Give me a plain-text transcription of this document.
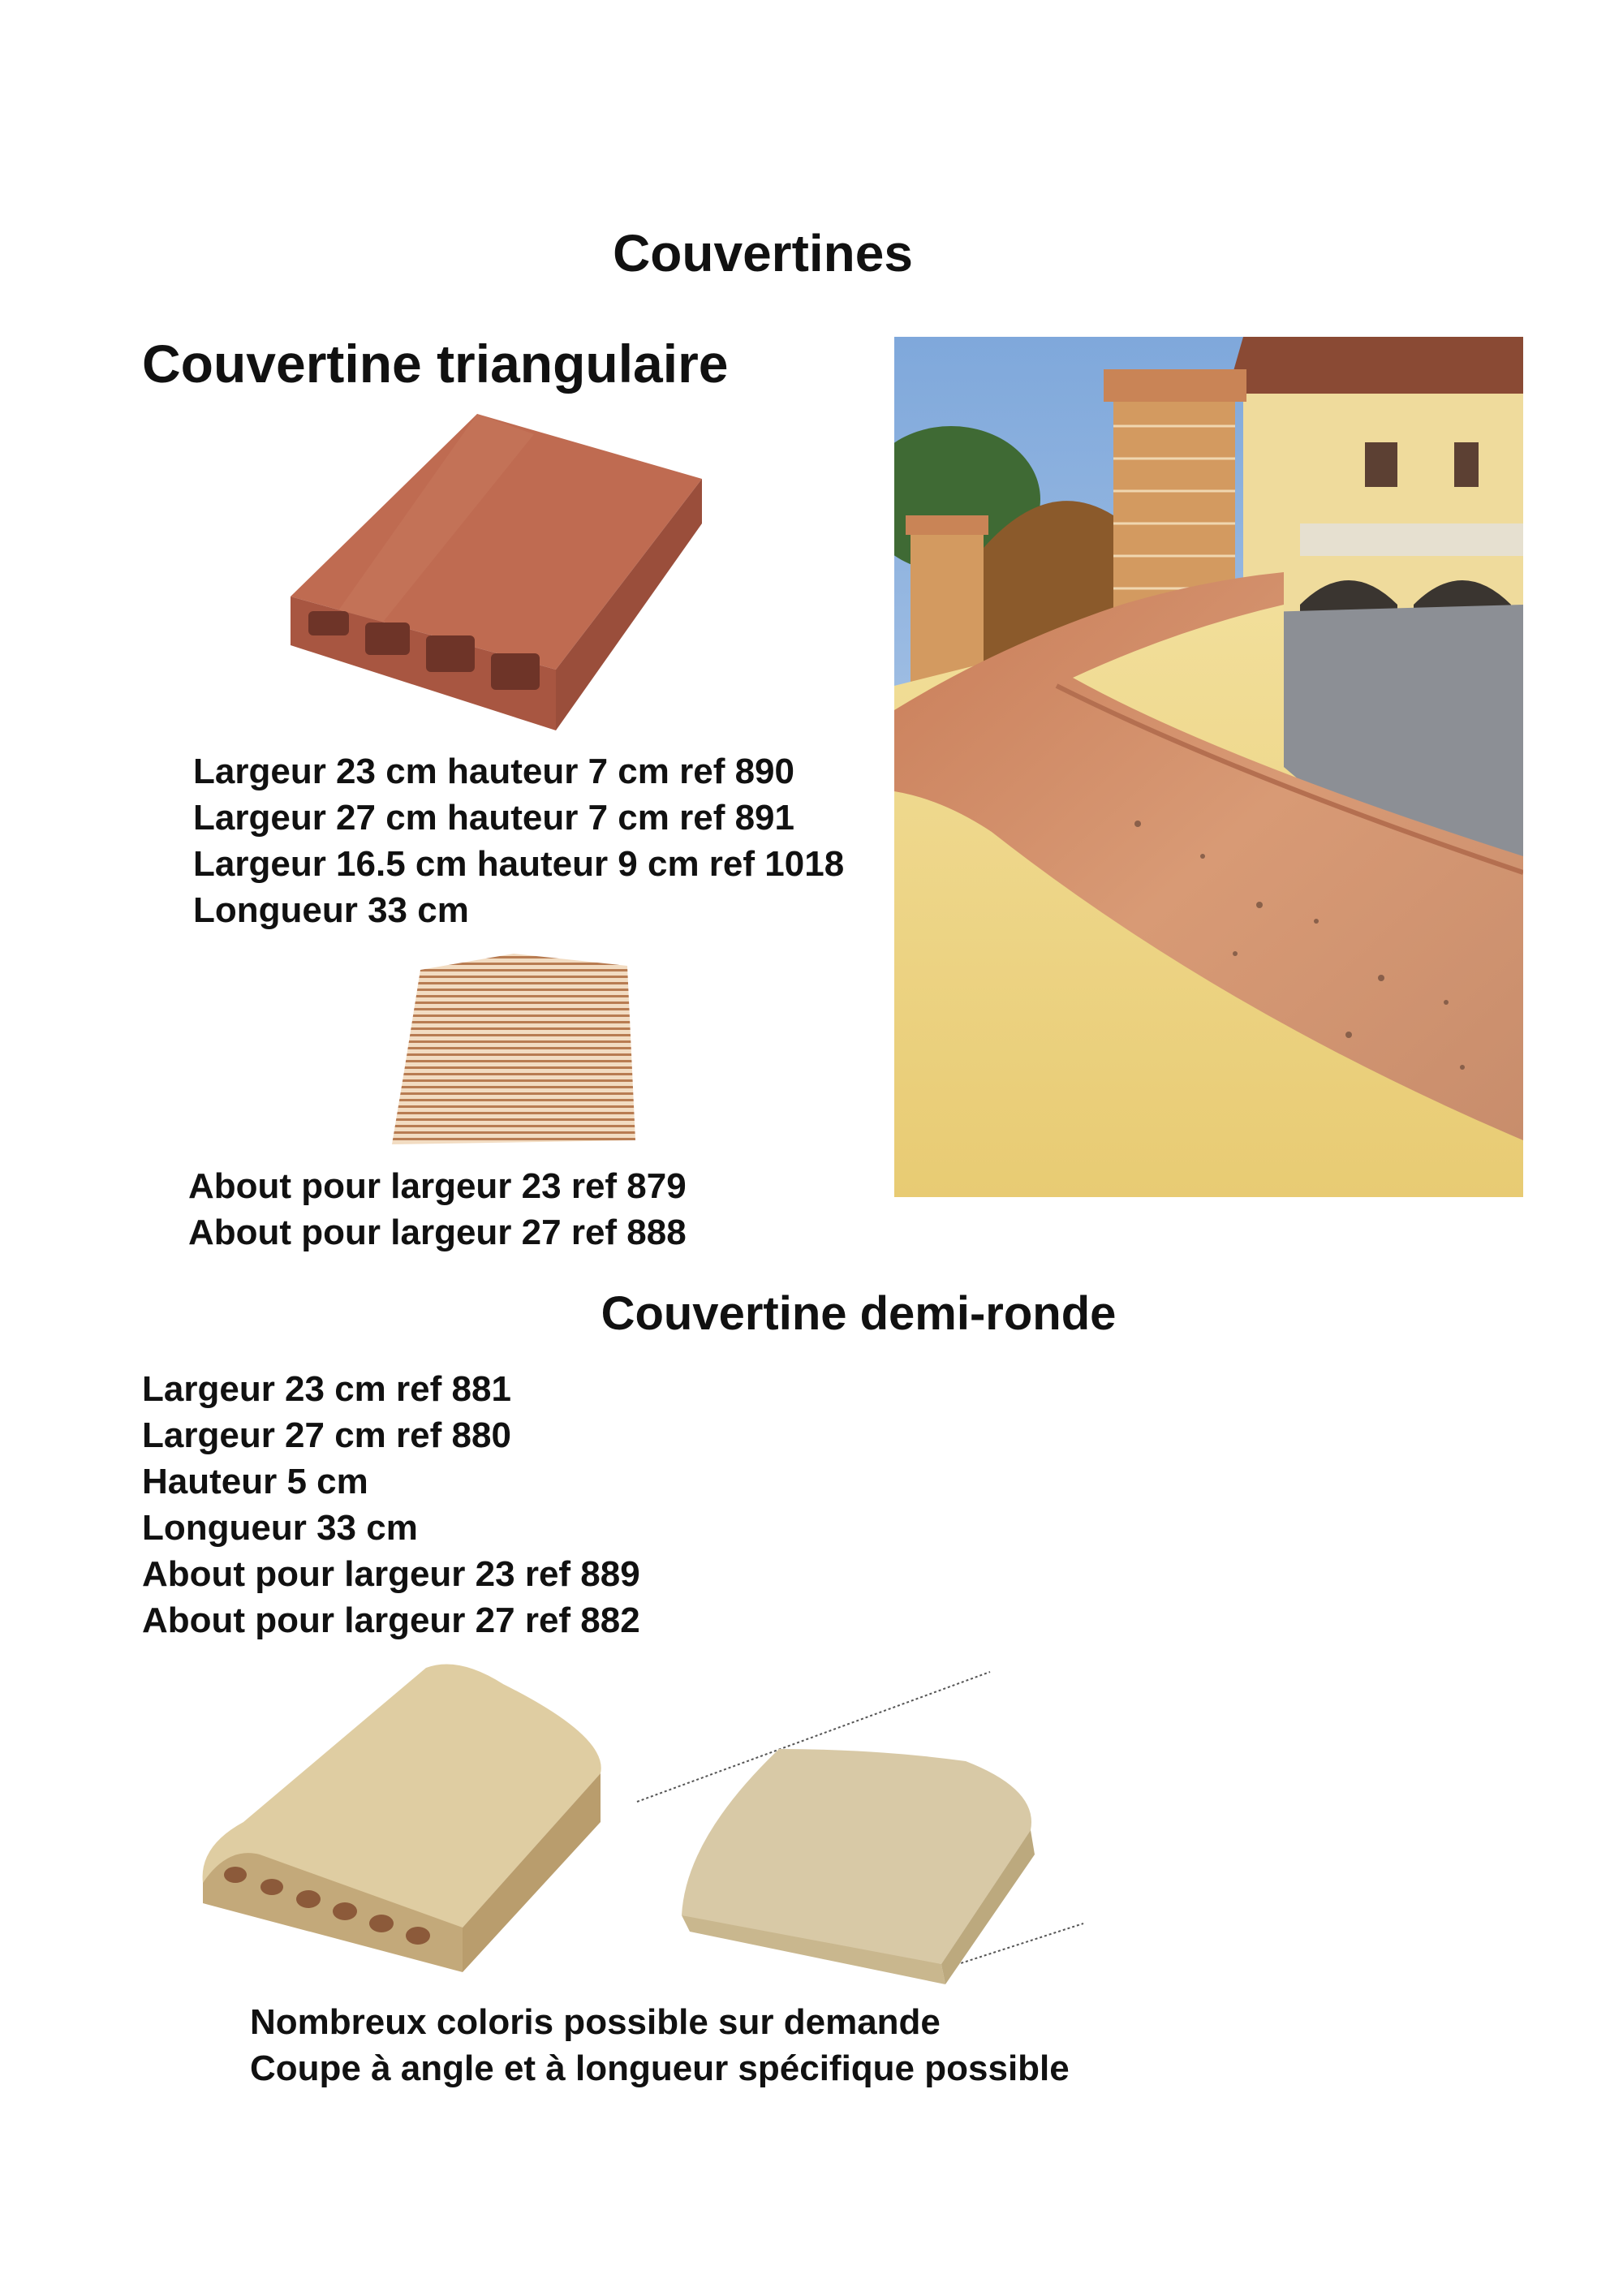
Couvertines
Couvertine triangulaire
Largeur 23 cm hauteur 7 cm ref 890
Largeur 27 cm hauteur 7 cm ref 891
Largeur 16.5 cm hauteur 9 cm ref 1018
Longueur 33 cm
About pour largeur 23 ref 879
About pour largeur 27 ref 888
Couvertine demi-ronde
Largeur 23 cm ref 881
Largeur 27 cm ref 880
Hauteur 5 cm
Longueur 33 cm
About pour largeur 23 ref 889
About pour largeur 27 ref 882
Nombreux coloris possible sur demande
Coupe à angle et à longueur spécifique possible
